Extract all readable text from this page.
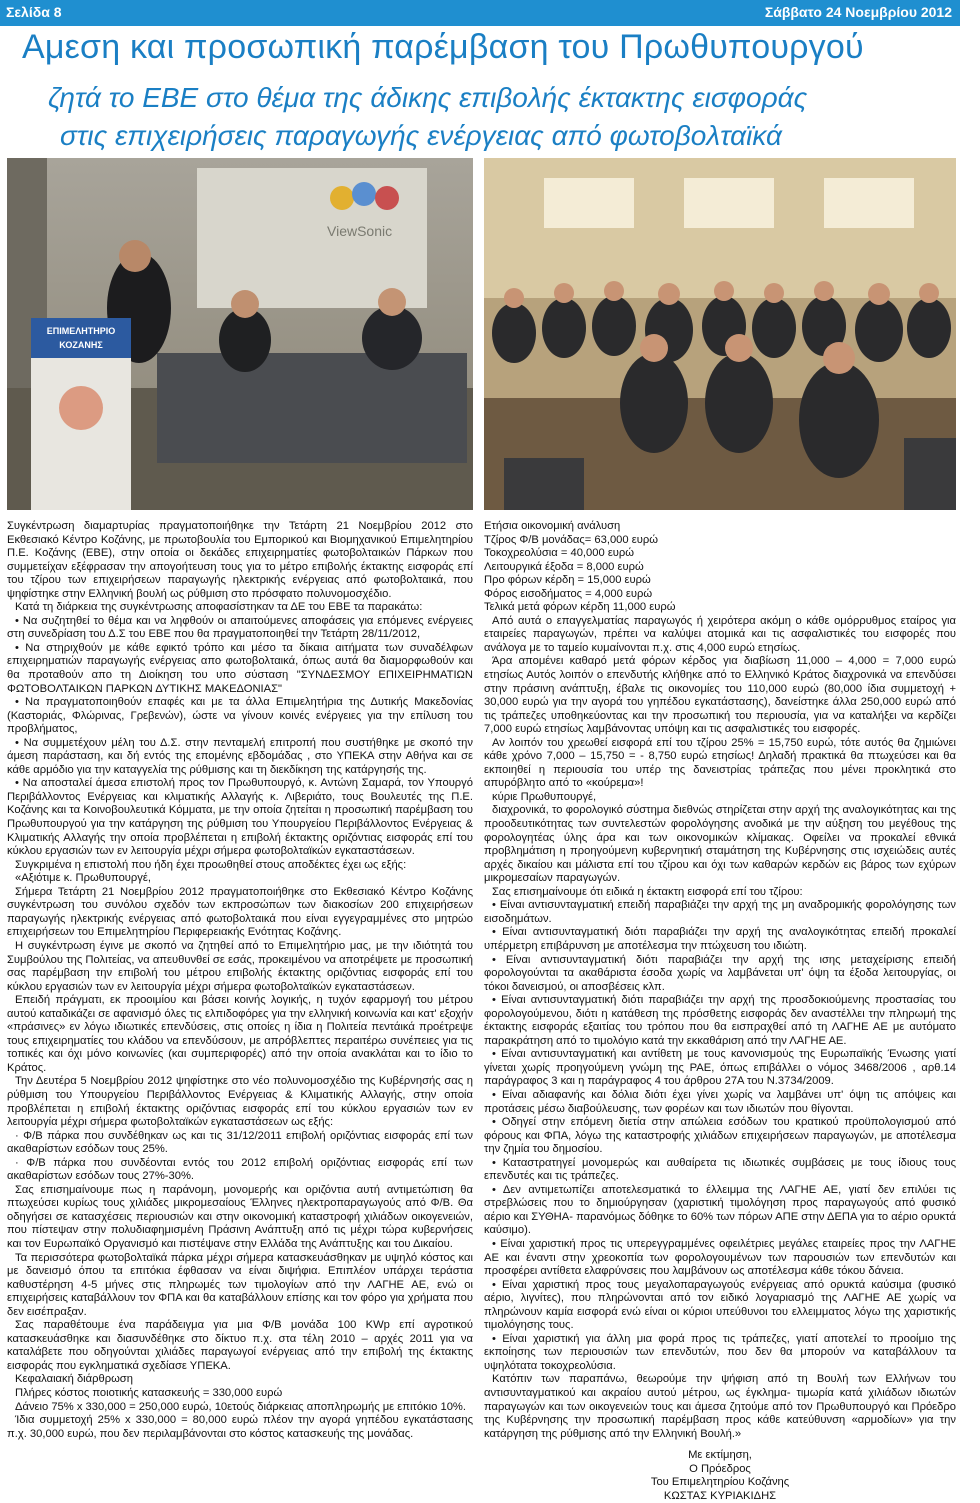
Σελίδα 8	Σάββατο 24 Νοεμβρίου 2012
Αμεση και προσωπική παρέμβαση του Πρωθυπουργού
ζητά το ΕΒΕ στο θέμα της άδικης επιβολής έκτακτης εισφοράς
στις επιχειρήσεις παραγωγής ενέργειας από φωτοβολταϊκά
ViewSonic
ΕΠΙΜΕΛΗΤΗΡΙΟ
ΚΟΖΑΝΗΣ

Συγκέντρωση διαμαρτυρίας πραγματοποιήθηκε την Τετάρτη 21 Νοεμβρίου 2012 στο Εκθεσιακό Κέντρο Κοζάνης, με πρωτοβουλία του Εμπορικού και Βιομηχανικού Επιμελητηρίου Π.Ε. Κοζάνης (ΕΒΕ), στην οποία οι δεκάδες επιχειρηματίες φωτοβολταικών Πάρκων που συμμετείχαν εξέφρασαν την απογοήτευση τους για το μέτρο επιβολής έκτακτης εισφοράς επί του τζίρου των επιχειρήσεων παραγωγής ηλεκτρικής ενέργειας από φωτοβολταικά, που ψηφίστηκε στην Ελληνική βουλή ως ρύθμιση στο πρόσφατο πολυνομοσχέδιο.

Κατά τη διάρκεια της συγκέντρωσης αποφασίστηκαν τα ΔΕ του ΕΒΕ τα παρακάτω:

• Να συζητηθεί το θέμα και να ληφθούν οι απαιτούμενες αποφάσεις για επόμενες ενέργειες στη συνεδρίαση του Δ.Σ του ΕΒΕ που θα πραγματοποιηθεί την Τετάρτη 28/11/2012,

• Να στηριχθούν με κάθε εφικτό τρόπο και μέσο τα δίκαια αιτήματα των συναδέλφων επιχειρηματιών παραγωγής ενέργειας απο φωτοβολταικά, όπως αυτά θα διαμορφωθούν και θα προταθούν απο τη Διοίκηση του υπο σύσταση "ΣΥΝΔΕΣΜΟΥ ΕΠΙΧΕΙΡΗΜΑΤΙΩΝ ΦΩΤΟΒΟΛΤΑΙΚΩΝ ΠΑΡΚΩΝ ΔΥΤΙΚΗΣ ΜΑΚΕΔΟΝΙΑΣ"

• Να πραγματοποιηθούν επαφές και με τα άλλα Επιμελητήρια της Δυτικής Μακεδονίας (Καστοριάς, Φλώρινας, Γρεβενών), ώστε να γίνουν κοινές ενέργειες για την επίλυση του προβλήματος,

• Να συμμετέχουν μέλη του Δ.Σ. στην πενταμελή επιτροπή που συστήθηκε με σκοπό την άμεση παράσταση, και δή εντός της επομένης εβδομάδας , στο ΥΠΕΚΑ στην Αθήνα και σε κάθε αρμόδιο για την καταγγελία της ρύθμισης και τη διεκδίκηση της κατάργησής της.

• Να αποσταλεί άμεσα επιστολή προς τον Πρωθυπουργό, κ. Αντώνη Σαμαρά, τον Υπουργό Περιβάλλοντος Ενέργειας και κλιματικής Αλλαγής κ. Λιβεριάτο, τους Βουλευτές της Π.Ε. Κοζάνης και τα Κοινοβουλευτικά Κόμματα, με την οποία ζητείται η προσωπική παρέμβαση του Πρωθυπουργού για την κατάργηση της ρύθμιση του Υπουργείου Περιβάλλοντος Ενέργειας & Κλιματικής Αλλαγής την οποία προβλέπεται η επιβολή έκτακτης οριζόντιας εισφοράς επί του κύκλου εργασιών των εν λειτουργία μέχρι σήμερα φωτοβολταϊκών εγκαταστάσεων.

Συγκριμένα η επιστολή που ήδη έχει προωθηθεί στους αποδέκτες έχει ως εξής:

«Αξιότιμε κ. Πρωθυπουργέ,

Σήμερα Τετάρτη 21 Νοεμβρίου 2012 πραγματοποιήθηκε στο Εκθεσιακό Κέντρο Κοζάνης συγκέντρωση του συνόλου σχεδόν των εκπροσώπων των διακοσίων 200 επιχειρήσεων παραγωγής ηλεκτρικής ενέργειας από φωτοβολταικά που είναι εγγεγραμμένες στο μητρώο επιχειρήσεων του Επιμελητηρίου Περιφερειακής Ενότητας Κοζάνης.

Η συγκέντρωση έγινε με σκοπό να ζητηθεί από το Επιμελητήριο μας, με την ιδιότητά του Συμβούλου της Πολιτείας, να απευθυνθεί σε εσάς, προκειμένου να αποτρέψετε με προσωπική σας παρέμβαση την επιβολή του μέτρου επιβολής έκτακτης οριζόντιας εισφοράς επί του κύκλου εργασιών των εν λειτουργία μέχρι σήμερα φωτοβολταϊκών εγκαταστάσεων.

Επειδή πράγματι, εκ προοιμίου και βάσει κοινής λογικής, η τυχόν εφαρμογή του μέτρου αυτού καταδικάζει σε αφανισμό όλες τις ελπιδοφόρες για την ελληνική κοινωνία και κατ' εξοχήν «πράσινες» εν λόγω ιδιωτικές επενδύσεις, στις οποίες η ίδια η Πολιτεία πεντάικά προέτρεψε τους επιχειρηματίες του κλάδου να επενδύσουν, με απρόβλεπτες περαιτέρω συνέπειες για τις τοπικές και όχι μόνο κοινωνίες (και συμπεριφορές) από την οποία ανακλάται και το ίδιο το Κράτος.

Την Δευτέρα 5 Νοεμβρίου 2012 ψηφίστηκε στο νέο πολυνομοσχέδιο της Κυβέρνησής σας η ρύθμιση του Υπουργείου Περιβάλλοντος Ενέργειας & Κλιματικής Αλλαγής, στην οποία προβλέπεται η επιβολή έκτακτης οριζόντιας εισφοράς επί του κύκλου εργασιών των εν λειτουργία μέχρι σήμερα φωτοβολταϊκών εγκαταστάσεων ως εξής:

· Φ/Β πάρκα που συνδέθηκαν ως και τις 31/12/2011 επιβολή οριζόντιας εισφοράς επί των ακαθαρίστων εσόδων τους 25%.

· Φ/Β πάρκα που συνδέονται εντός του 2012 επιβολή οριζόντιας εισφοράς επί των ακαθαρίστων εσόδων τους 27%-30%.

Σας επισημαίνουμε πως η παράνομη, μονομερής και οριζόντια αυτή αντιμετώπιση θα πτωχεύσει κυρίως τους χιλιάδες μικρομεσαίους Έλληνες ηλεκτροπαραγωγούς από Φ/Β. Θα οδηγήσει σε κατασχέσεις περιουσιών και στην οικονομική καταστροφή χιλιάδων οικογενειών, που πίστεψαν στην πολυδιαφημισμένη Πράσινη Ανάπτυξη από τις μέχρι τώρα κυβερνήσεις και τον Ευρωπαϊκό Οργανισμό και πιστέψανε στην Ελλάδα της Ανάπτυξης και του Δικαίου.

Τα περισσότερα φωτοβολταϊκά πάρκα μέχρι σήμερα κατασκευάσθηκαν με υψηλό κόστος και με δανεισμό όπου τα επιτόκια έφθασαν να είναι διψήφια. Επιπλέον υπάρχει τεράστια καθυστέρηση 4-5 μήνες στις πληρωμές των τιμολογίων από την ΛΑΓΗΕ ΑΕ, ενώ οι επιχειρήσεις καταβάλλουν τον ΦΠΑ και θα καταβάλλουν επίσης και τον φόρο για χρήματα που δεν εισέπραξαν.

Σας παραθέτουμε ένα παράδειγμα για μια Φ/Β μονάδα 100 KWp επί αγροτικού κατασκευάσθηκε και διασυνδέθηκε στο δίκτυο π.χ. στα τέλη 2010 – αρχές 2011 για να καταλάβετε που οδηγούνται χιλιάδες παραγωγοί ενέργειας από την επιβολή της έκτακτης εισφοράς που εγκληματικά σχεδίασε ΥΠΕΚΑ.

Κεφαλαιακή διάρθρωση

Πλήρες κόστος ποιοτικής κατασκευής = 330,000 ευρώ

Δάνειο 75% x 330,000 = 250,000 ευρώ, 10ετούς διάρκειας αποπληρωμής με επιτόκιο 10%.

Ίδια συμμετοχή 25% x 330,000 = 80,000 ευρώ πλέον την αγορά γηπέδου εγκατάστασης π.χ. 30,000 ευρώ, που δεν περιλαμβάνονται στο κόστος κατασκευής της μονάδας.

Ετήσια οικονομική ανάλυση

Τζίρος Φ/Β μονάδας= 63,000 ευρώ

Τοκοχρεολύσια = 40,000 ευρώ

Λειτουργικά έξοδα = 8,000 ευρώ

Προ φόρων κέρδη = 15,000 ευρώ

Φόρος εισοδήματος = 4,000 ευρώ

Τελικά μετά φόρων κέρδη 11,000 ευρώ

Από αυτά ο επαγγελματίας παραγωγός ή χειρότερα ακόμη ο κάθε ομόρρυθμος εταίρος για εταιρείες παραγωγών, πρέπει να καλύψει ατομικά και τις ασφαλιστικές του εισφορές που ανάλογα με το ταμείο κυμαίνονται π.χ. στις 4,000 ευρώ ετησίως.

Άρα απομένει καθαρό μετά φόρων κέρδος για διαβίωση 11,000 – 4,000 = 7,000 ευρώ ετησίως Αυτός λοιπόν ο επενδυτής κλήθηκε από το Ελληνικό Κράτος διαχρονικά να επενδύσει στην πράσινη ανάπτυξη, έβαλε τις οικονομίες του 110,000 ευρώ (80,000 ίδια συμμετοχή + 30,000 ευρώ για την αγορά του γηπέδου εγκατάστασης), δανείστηκε άλλα 250,000 ευρώ από τις τράπεζες υποθηκεύοντας και την προσωπική του περιουσία, για να καταλήξει να κερδίζει 7,000 ευρώ ετησίως λαμβάνοντας υπόψη και τις ασφαλιστικές του εισφορές.

Αν λοιπόν του χρεωθεί εισφορά επί του τζίρου 25% = 15,750 ευρώ, τότε αυτός θα ζημιώνει κάθε χρόνο 7,000 – 15,750 = - 8,750 ευρώ ετησίως! Δηλαδή πρακτικά θα πτωχεύσει και θα εκποιηθεί η περιουσία του υπέρ της δανειστρίας τράπεζας που μένει προκλητικά στο απυρόβλητο από το «κούρεμα»!

κύριε Πρωθυπουργέ,

διαχρονικά, το φορολογικό σύστημα διεθνώς στηρίζεται στην αρχή της αναλογικότητας και της προοδευτικότητας των συντελεστών φορολόγησης ανοδικά με την αύξηση του μεγέθους της φορολογητέας ύλης άρα και των οικονομικών κλίμακας. Οφείλει να προκαλεί εθνικά προβλημάτιση η προηγούμενη κυβερνητική σταμάτηση της Κυβέρνησης στις ισχειώδεις αυτές αρχές δικαίου και μάλιστα επί του τζίρου και όχι των καθαρών κερδών εις βάρος των εχύρων μικρομεσαίων παραγωγών.

Σας επισημαίνουμε ότι ειδικά η έκτακτη εισφορά επί του τζίρου:

• Είναι αντισυνταγματική επειδή παραβιάζει την αρχή της μη αναδρομικής φορολόγησης των εισοδημάτων.

• Είναι αντισυνταγματική διότι παραβιάζει την αρχή της αναλογικότητας επειδή προκαλεί υπέρμετρη επιβάρυνση με αποτέλεσμα την πτώχευση του ιδιώτη.

• Είναι αντισυνταγματική διότι παραβιάζει την αρχή της ισης μεταχείρισης επειδή φορολογούνται τα ακαθάριστα έσοδα χωρίς να λαμβάνεται υπ' όψη τα έξοδα λειτουργίας, οι τόκοι δανεισμού, οι αποσβέσεις κλπ.

• Είναι αντισυνταγματική διότι παραβιάζει την αρχή της προσδοκιούμενης προστασίας του φορολογούμενου, διότι η κατάθεση της πρόσθετης εισφοράς δεν αναστέλλει την πληρωμή της έκτακτης εισφοράς εξαιτίας του τρόπου που θα εισπραχθεί από τη ΛΑΓΗΕ ΑΕ με αυτόματο παρακράτηση από το τιμολόγιο κατά την εκκαθάριση από την ΛΑΓΗΕ ΑΕ.

• Είναι αντισυνταγματική και αντίθετη με τους κανονισμούς της Ευρωπαϊκής Ένωσης γιατί γίνεται χωρίς προηγούμενη γνώμη της ΡΑΕ, όπως επιβάλλει ο νόμος 3468/2006 , αρθ.14 παράγραφος 3 και η παράγραφος 4 του άρθρου 27Α του Ν.3734/2009.

• Είναι αδιαφανής και δόλια διότι έχει γίνει χωρίς να λαμβάνει υπ' όψη τις απόψεις και προτάσεις μέσω διαβούλευσης, των φορέων και των ιδιωτών που θίγονται.

• Οδηγεί στην επόμενη διετία στην απώλεια εσόδων του κρατικού προϋπολογισμού από φόρους και ΦΠΑ, λόγω της καταστροφής χιλιάδων επιχειρήσεων παραγωγών, με αποτέλεσμα την ζημία του δημοσίου.

• Καταστρατηγεί μονομερώς και αυθαίρετα τις ιδιωτικές συμβάσεις με τους ίδιους τους επενδυτές και τις τράπεζες.

• Δεν αντιμετωπίζει αποτελεσματικά το έλλειμμα της ΛΑΓΗΕ ΑΕ, γιατί δεν επιλύει τις στρεβλώσεις που το δημιούργησαν (χαριστική τιμολόγηση προς παραγωγούς από φυσικό αέριο και ΣΥΘΗΑ- παρανόμως δόθηκε το 60% των πόρων ΑΠΕ στην ΔΕΠΑ για το αέριο ορυκτά καύσιμο).

• Είναι χαριστική προς τις υπερεγγραμμένες οφειλέτριες μεγάλες εταιρείες προς την ΛΑΓΗΕ ΑΕ και έναντι στην χρεοκοπία των φορολογουμένων των παρουσιών των επενδυτών και προσφέρει αντίθετα ελαφρύνσεις που λαμβάνουν ως αποτέλεσμα κάθε τόκου δάνεια.

• Είναι χαριστική προς τους μεγαλοπαραγωγούς ενέργειας από ορυκτά καύσιμα (φυσικό αέριο, λιγνίτες), που πληρώνονται από τον ειδικό λογαριασμό της ΛΑΓΗΕ ΑΕ χωρίς να πληρώνουν καμία εισφορά ενώ είναι οι κύριοι υπεύθυνοι του ελλειμματος λόγω της χαριστικής τιμολόγησης τους.

• Είναι χαριστική για άλλη μια φορά προς τις τράπεζες, γιατί αποτελεί το προοίμιο της εκποίησης των περιουσιών των επενδυτών, που δεν θα μπορούν να καταβάλλουν τα υψηλότατα τοκοχρεολύσια.

Κατόπιν των παραπάνω, θεωρούμε την ψήφιση από τη Βουλή των Ελλήνων του αντισυνταγματικού και ακραίου αυτού μέτρου, ως έγκλημα- τιμωρία κατά χιλιάδων ιδιωτών παραγωγών και των οικογενειών τους και άμεσα ζητούμε από τον Πρωθυπουργό και Πρόεδρο της Κυβέρνησης την προσωπική παρέμβαση προς κάθε κατεύθυνση «αρμοδίων» για την κατάργηση της ρύθμισης από την Ελληνική Βουλή.»

Με εκτίμηση,

Ο Πρόεδρος

Του Επιμελητηρίου Κοζάνης

ΚΩΣΤΑΣ ΚΥΡΙΑΚΙΔΗΣ
